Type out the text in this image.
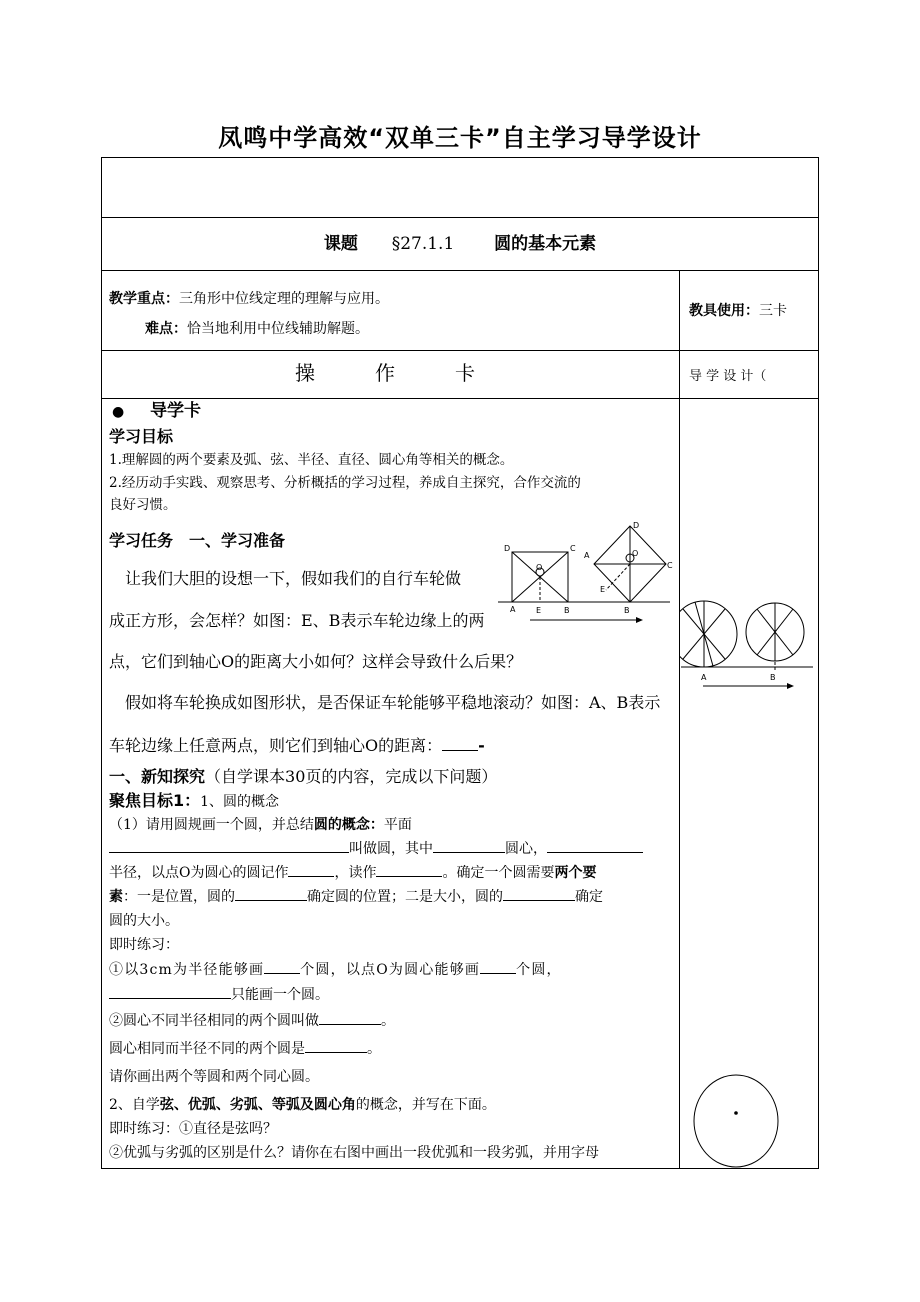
凤鸣中学高效“双单三卡”自主学习导学设计
课题 §27.1.1 圆的基本元素
教学重点：三角形中位线定理的理解与应用。
难点：恰当地利用中位线辅助解题。
教具使用：三卡
操　　　作　　　卡	导 学 设 计（
● 导学卡
学习目标
1.理解圆的两个要素及弧、弦、半径、直径、圆心角等相关的概念。
2.经历动手实践、观察思考、分析概括的学习过程，养成自主探究，合作交流的
良好习惯。
学习任务　一、学习准备
　让我们大胆的设想一下，假如我们的自行车轮做
成正方形，会怎样？如图：E、B表示车轮边缘上的两
点，它们到轴心O的距离大小如何？这样会导致什么后果？
　假如将车轮换成如图形状，是否保证车轮能够平稳地滚动？如图：A、B表示
车轮边缘上任意两点，则它们到轴心O的距离： -
一、新知探究（自学课本30页的内容，完成以下问题）
聚焦目标1：1、圆的概念
（1）请用圆规画一个圆，并总结圆的概念：平面
叫做圆，其中	圆心，
半径，以点O为圆心的圆记作	，读作	。确定一个圆需要两个要
素：一是位置，圆的	确定圆的位置；二是大小，圆的	确定
圆的大小。
即时练习：
①以3cm为半径能够画	个圆，以点O为圆心能够画	个圆，
只能画一个圆。
②圆心不同半径相同的两个圆叫做	。
圆心相同而半径不同的两个圆是	。
请你画出两个等圆和两个同心圆。
2、自学弦、优弧、劣弧、等弧及圆心角的概念，并写在下面。
即时练习：①直径是弦吗？
②优弧与劣弧的区别是什么？请你在右图中画出一段优弧和一段劣弧，并用字母
D	C
O
A	E	B
D
A
C
O
E
B
A	B
